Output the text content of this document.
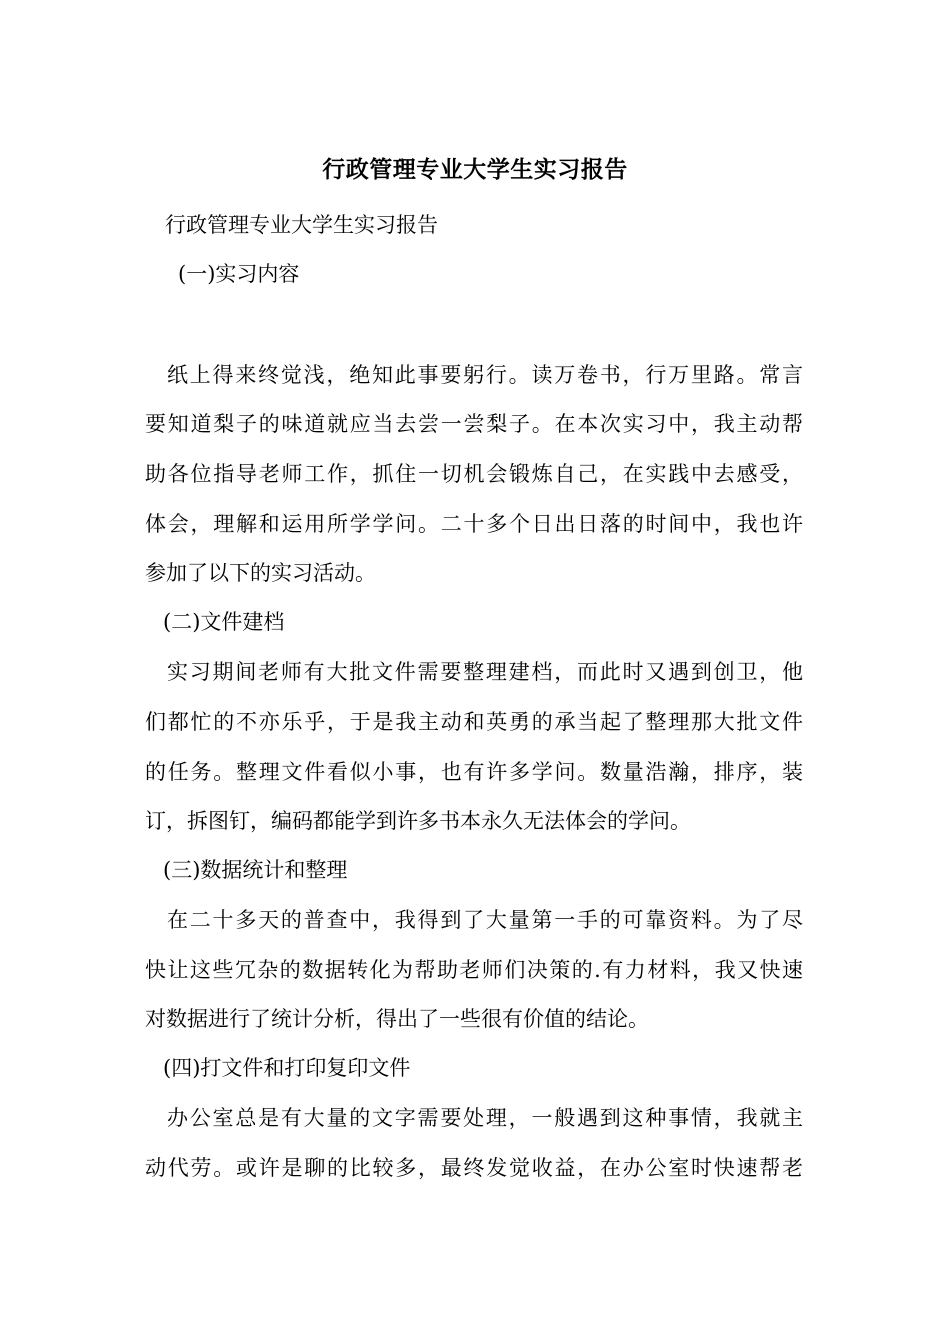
行政管理专业大学生实习报告
行政管理专业大学生实习报告
(一)实习内容
纸上得来终觉浅，绝知此事要躬行。读万卷书，行万里路。常言
要知道梨子的味道就应当去尝一尝梨子。在本次实习中，我主动帮
助各位指导老师工作，抓住一切机会锻炼自己，在实践中去感受，
体会，理解和运用所学学问。二十多个日出日落的时间中，我也许
参加了以下的实习活动。
(二)文件建档
实习期间老师有大批文件需要整理建档，而此时又遇到创卫，他
们都忙的不亦乐乎，于是我主动和英勇的承当起了整理那大批文件
的任务。整理文件看似小事，也有许多学问。数量浩瀚，排序，装
订，拆图钉，编码都能学到许多书本永久无法体会的学问。
(三)数据统计和整理
在二十多天的普查中，我得到了大量第一手的可靠资料。为了尽
快让这些冗杂的数据转化为帮助老师们决策的.有力材料，我又快速
对数据进行了统计分析，得出了一些很有价值的结论。
(四)打文件和打印复印文件
办公室总是有大量的文字需要处理，一般遇到这种事情，我就主
动代劳。或许是聊的比较多，最终发觉收益，在办公室时快速帮老
